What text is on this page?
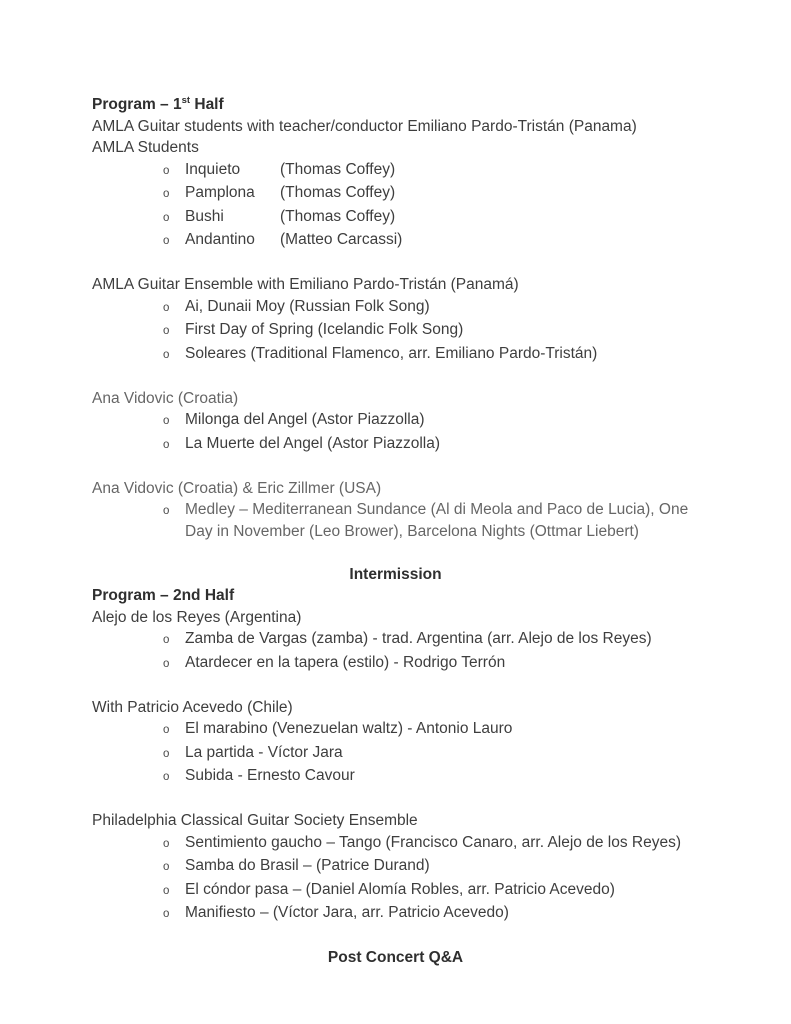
Program – 1st Half

AMLA Guitar students with teacher/conductor Emiliano Pardo-Tristán (Panama)

AMLA Students

o	Inquieto	(Thomas Coffey)
o	Pamplona	(Thomas Coffey)
o	Bushi	(Thomas Coffey)
o	Andantino	(Matteo Carcassi)

AMLA Guitar Ensemble with Emiliano Pardo-Tristán (Panamá)

o	Ai, Dunaii Moy (Russian Folk Song)
o	First Day of Spring (Icelandic Folk Song)
o	Soleares (Traditional Flamenco, arr. Emiliano Pardo-Tristán)

Ana Vidovic (Croatia)

o	Milonga del Angel (Astor Piazzolla)
o	La Muerte del Angel (Astor Piazzolla)

Ana Vidovic (Croatia) & Eric Zillmer (USA)

o	Medley – Mediterranean Sundance (Al di Meola and Paco de Lucia), One Day in November (Leo Brower), Barcelona Nights (Ottmar Liebert)

Intermission

Program – 2nd Half

Alejo de los Reyes (Argentina)

o	Zamba de Vargas (zamba) - trad. Argentina (arr. Alejo de los Reyes)
o	Atardecer en la tapera (estilo) - Rodrigo Terrón

With Patricio Acevedo (Chile)

o	El marabino (Venezuelan waltz) - Antonio Lauro
o	La partida - Víctor Jara
o	Subida - Ernesto Cavour

Philadelphia Classical Guitar Society Ensemble

o	Sentimiento gaucho – Tango (Francisco Canaro, arr. Alejo de los Reyes)
o	Samba do Brasil – (Patrice Durand)
o	El cóndor pasa – (Daniel Alomía Robles, arr. Patricio Acevedo)
o	Manifiesto – (Víctor Jara, arr. Patricio Acevedo)

Post Concert Q&A
